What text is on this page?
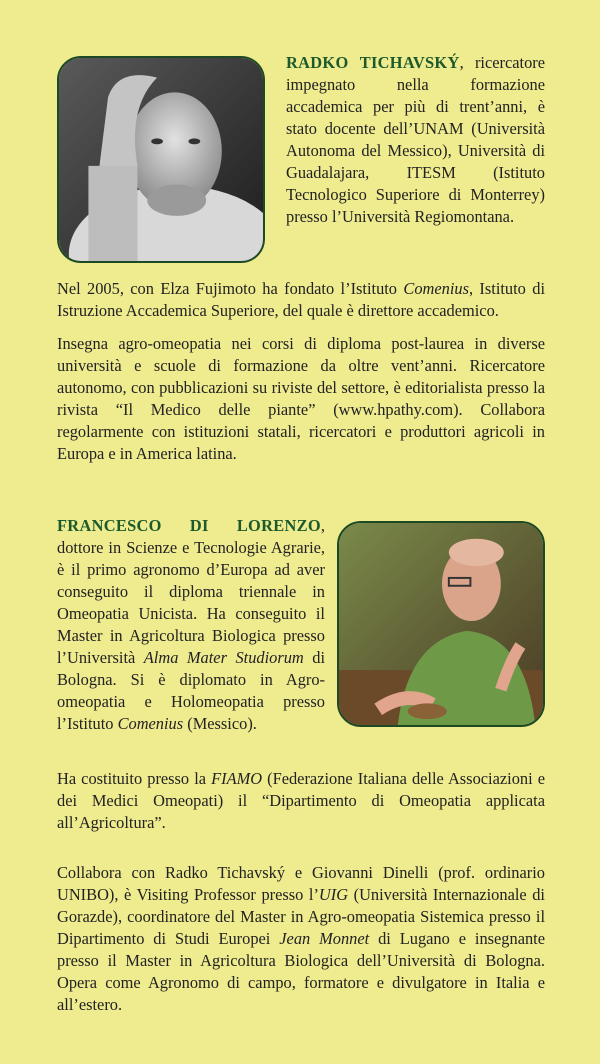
RADKO TICHAVSKÝ, ricercatore impegnato nella formazione accademica per più di trent’anni, è stato docente dell’UNAM (Università Autonoma del Messico), Università di Guadalajara, ITESM (Istituto Tecnologico Superiore di Monterrey) presso l’Università Regiomontana.

Nel 2005, con Elza Fujimoto ha fondato l’Istituto Comenius, Istituto di Istruzione Accademica Superiore, del quale è direttore accademico.

Insegna agro-omeopatia nei corsi di diploma post-laurea in diverse università e scuole di formazione da oltre vent’anni. Ricercatore autonomo, con pubblicazioni su riviste del settore, è editorialista presso la rivista “Il Medico delle piante” (www.hpathy.com). Collabora regolarmente con istituzioni statali, ricercatori e produttori agricoli in Europa e in America latina.

FRANCESCO DI LORENZO, dottore in Scienze e Tecnologie Agrarie, è il primo agronomo d’Europa ad aver conseguito il diploma triennale in Omeopatia Unicista. Ha conseguito il Master in Agricoltura Biologica presso l’Università Alma Mater Studiorum di Bologna. Si è diplomato in Agro-omeopatia e Holomeopatia presso l’Istituto Comenius (Messico).

Ha costituito presso la FIAMO (Federazione Italiana delle Associazioni e dei Medici Omeopati) il “Dipartimento di Omeopatia applicata all’Agricoltura”.

Collabora con Radko Tichavský e Giovanni Dinelli (prof. ordinario UNIBO), è Visiting Professor presso l’UIG (Università Internazionale di Gorazde), coordinatore del Master in Agro-omeopatia Sistemica presso il Dipartimento di Studi Europei Jean Monnet di Lugano e insegnante presso il Master in Agricoltura Biologica dell’Università di Bologna. Opera come Agronomo di campo, formatore e divulgatore in Italia e all’estero.
